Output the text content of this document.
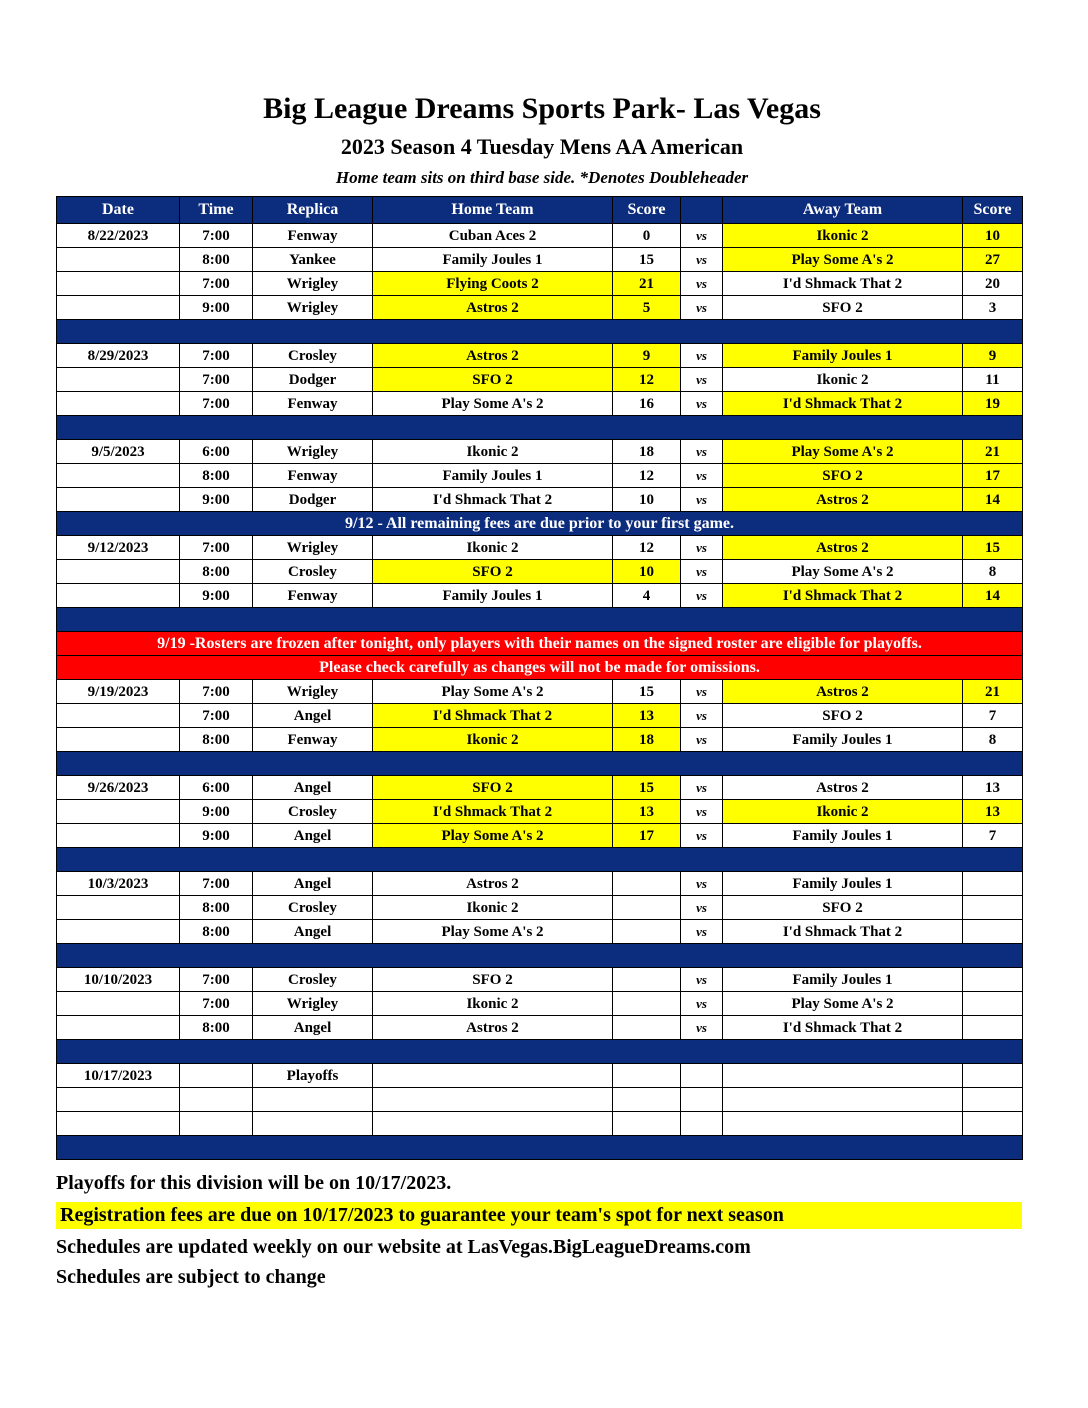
Big League Dreams Sports Park- Las Vegas
2023 Season 4 Tuesday Mens AA American

Home team sits on third base side. *Denotes Doubleheader

Date	Time	Replica	Home Team	Score		Away Team	Score
8/22/2023	7:00	Fenway	Cuban Aces 2	0	vs	Ikonic 2	10
	8:00	Yankee	Family Joules 1	15	vs	Play Some A's 2	27
	7:00	Wrigley	Flying Coots 2	21	vs	I'd Shmack That 2	20
	9:00	Wrigley	Astros 2	5	vs	SFO 2	3

8/29/2023	7:00	Crosley	Astros 2	9	vs	Family Joules 1	9
	7:00	Dodger	SFO 2	12	vs	Ikonic 2	11
	7:00	Fenway	Play Some A's 2	16	vs	I'd Shmack That 2	19

9/5/2023	6:00	Wrigley	Ikonic 2	18	vs	Play Some A's 2	21
	8:00	Fenway	Family Joules 1	12	vs	SFO 2	17
	9:00	Dodger	I'd Shmack That 2	10	vs	Astros 2	14
9/12 - All remaining fees are due prior to your first game.							
9/12/2023	7:00	Wrigley	Ikonic 2	12	vs	Astros 2	15
	8:00	Crosley	SFO 2	10	vs	Play Some A's 2	8
	9:00	Fenway	Family Joules 1	4	vs	I'd Shmack That 2	14

9/19 -Rosters are frozen after tonight, only players with their names on the signed roster are eligible for playoffs.							
Please check carefully as changes will not be made for omissions.							
9/19/2023	7:00	Wrigley	Play Some A's 2	15	vs	Astros 2	21
	7:00	Angel	I'd Shmack That 2	13	vs	SFO 2	7
	8:00	Fenway	Ikonic 2	18	vs	Family Joules 1	8

9/26/2023	6:00	Angel	SFO 2	15	vs	Astros 2	13
	9:00	Crosley	I'd Shmack That 2	13	vs	Ikonic 2	13
	9:00	Angel	Play Some A's 2	17	vs	Family Joules 1	7

10/3/2023	7:00	Angel	Astros 2		vs	Family Joules 1	
	8:00	Crosley	Ikonic 2		vs	SFO 2	
	8:00	Angel	Play Some A's 2		vs	I'd Shmack That 2	

10/10/2023	7:00	Crosley	SFO 2		vs	Family Joules 1	
	7:00	Wrigley	Ikonic 2		vs	Play Some A's 2	
	8:00	Angel	Astros 2		vs	I'd Shmack That 2	

10/17/2023		Playoffs					

Playoffs for this division will be on 10/17/2023.

Registration fees are due on 10/17/2023 to guarantee your team's spot for next season

Schedules are updated weekly on our website at LasVegas.BigLeagueDreams.com

Schedules are subject to change
